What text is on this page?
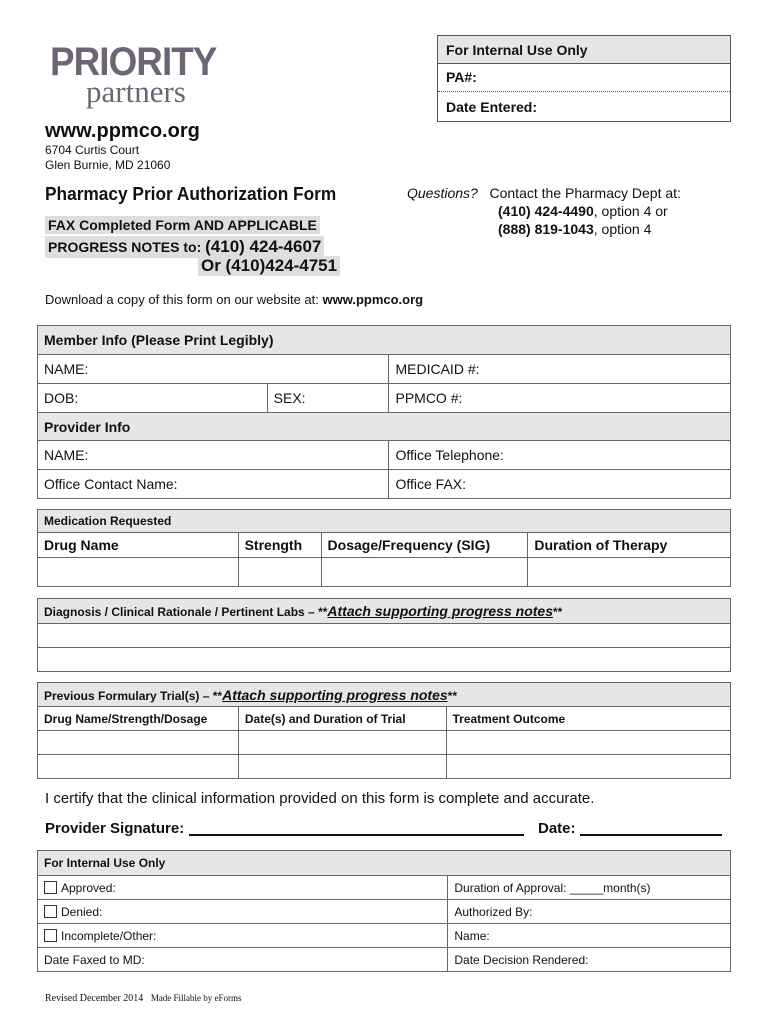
PRIORITY
partners
For Internal Use Only
PA#:
Date Entered:
www.ppmco.org
6704 Curtis Court
Glen Burnie, MD 21060
Pharmacy Prior Authorization Form
FAX Completed Form AND APPLICABLE
PROGRESS NOTES to: (410) 424-4607
Or (410)424-4751
Questions? Contact the Pharmacy Dept at:
(410) 424-4490, option 4 or
(888) 819-1043, option 4
Download a copy of this form on our website at: www.ppmco.org
Member Info (Please Print Legibly)		
NAME:		MEDICAID #:
DOB:	SEX:	PPMCO #:
Provider Info		
NAME:		Office Telephone:
Office Contact Name:		Office FAX:
Medication Requested			
Drug Name	Strength	Dosage/Frequency (SIG)	Duration of Therapy

Diagnosis / Clinical Rationale / Pertinent Labs – **Attach supporting progress notes**

Previous Formulary Trial(s) – **Attach supporting progress notes**		
Drug Name/Strength/Dosage	Date(s) and Duration of Trial	Treatment Outcome

I certify that the clinical information provided on this form is complete and accurate.
Provider Signature:	Date:
For Internal Use Only	
Approved:	Duration of Approval: _____month(s)
Denied:	Authorized By:
Incomplete/Other:	Name:
Date Faxed to MD:	Date Decision Rendered:
Revised December 2014 Made Fillable by eForms
